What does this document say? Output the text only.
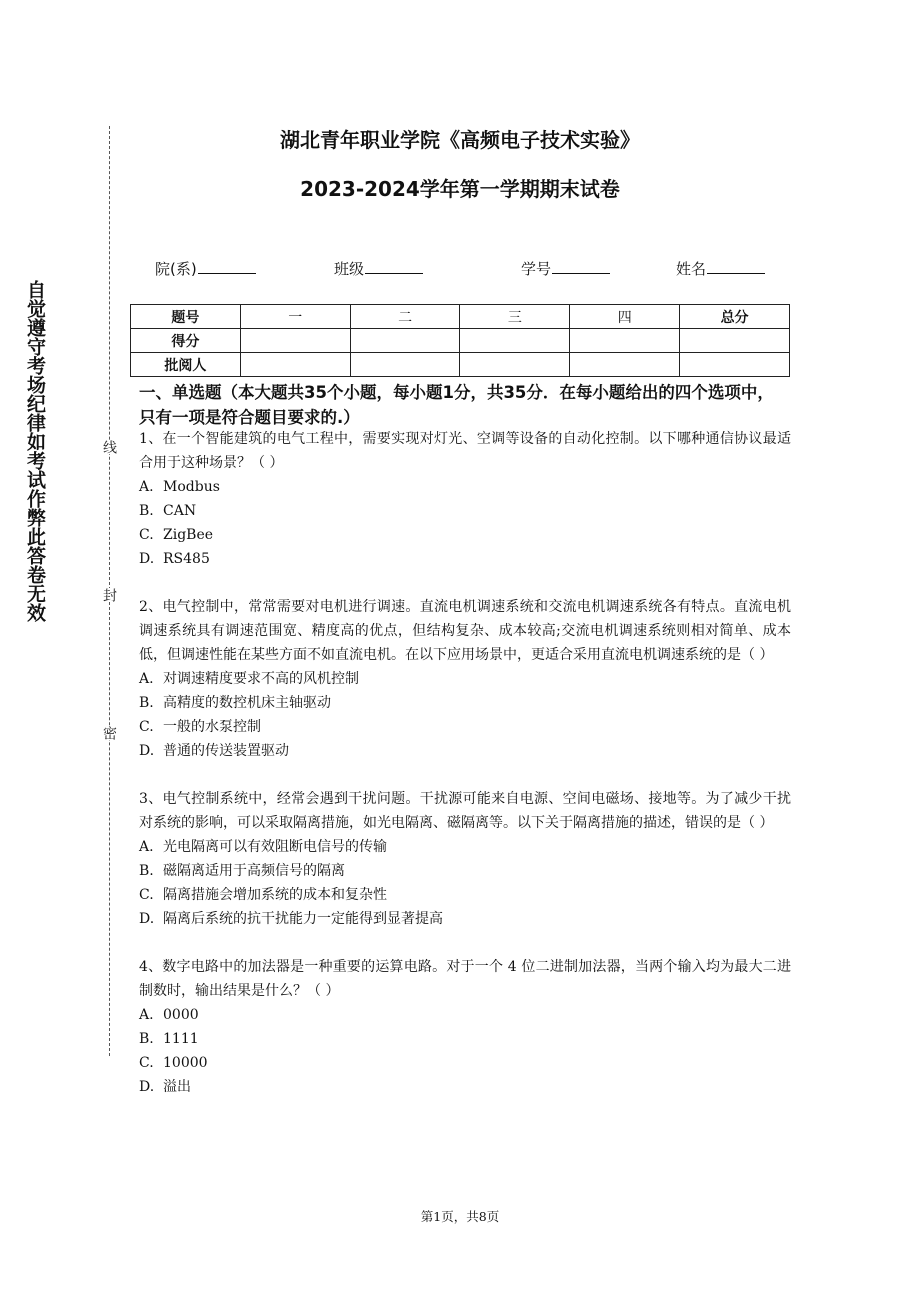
线
封
密
自觉遵守考场纪律如考试作弊此答卷无效
湖北青年职业学院《高频电子技术实验》
2023-2024学年第一学期期末试卷
院(系)	班级	学号	姓名
题号	一	二	三	四	总分
得分					
批阅人					
一、单选题（本大题共35个小题，每小题1分，共35分．在每小题给出的四个选项中，只有一项是符合题目要求的.）

1、在一个智能建筑的电气工程中，需要实现对灯光、空调等设备的自动化控制。以下哪种通信协议最适合用于这种场景？（ ）

A. Modbus

B. CAN

C. ZigBee

D. RS485

2、电气控制中，常常需要对电机进行调速。直流电机调速系统和交流电机调速系统各有特点。直流电机调速系统具有调速范围宽、精度高的优点，但结构复杂、成本较高;交流电机调速系统则相对简单、成本低，但调速性能在某些方面不如直流电机。在以下应用场景中，更适合采用直流电机调速系统的是（ ）

A. 对调速精度要求不高的风机控制

B. 高精度的数控机床主轴驱动

C. 一般的水泵控制

D. 普通的传送装置驱动

3、电气控制系统中，经常会遇到干扰问题。干扰源可能来自电源、空间电磁场、接地等。为了减少干扰对系统的影响，可以采取隔离措施，如光电隔离、磁隔离等。以下关于隔离措施的描述，错误的是（ ）

A. 光电隔离可以有效阻断电信号的传输

B. 磁隔离适用于高频信号的隔离

C. 隔离措施会增加系统的成本和复杂性

D. 隔离后系统的抗干扰能力一定能得到显著提高

4、数字电路中的加法器是一种重要的运算电路。对于一个 4 位二进制加法器，当两个输入均为最大二进制数时，输出结果是什么？（ ）

A. 0000

B. 1111

C. 10000

D. 溢出

第1页，共8页
